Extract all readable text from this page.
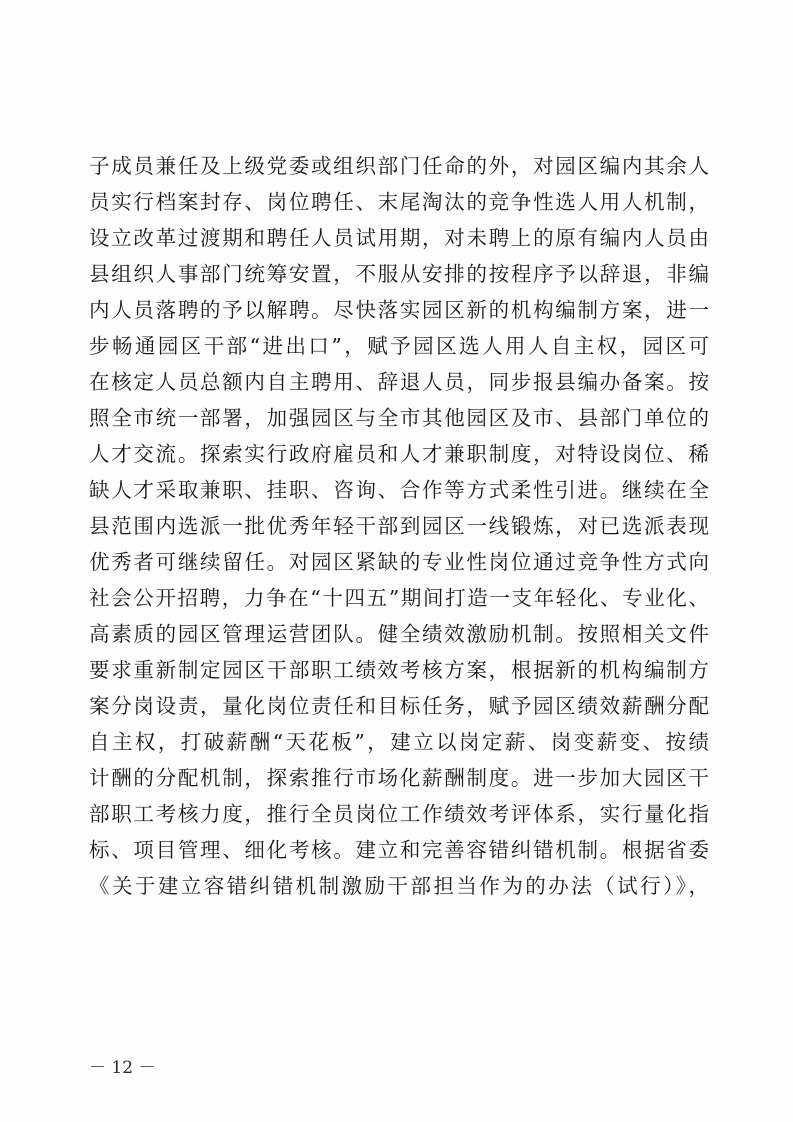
子成员兼任及上级党委或组织部门任命的外，对园区编内其余人
员实行档案封存、岗位聘任、末尾淘汰的竞争性选人用人机制，
设立改革过渡期和聘任人员试用期，对未聘上的原有编内人员由
县组织人事部门统筹安置，不服从安排的按程序予以辞退，非编
内人员落聘的予以解聘。尽快落实园区新的机构编制方案，进一
步畅通园区干部“进出口”，赋予园区选人用人自主权，园区可
在核定人员总额内自主聘用、辞退人员，同步报县编办备案。按
照全市统一部署，加强园区与全市其他园区及市、县部门单位的
人才交流。探索实行政府雇员和人才兼职制度，对特设岗位、稀
缺人才采取兼职、挂职、咨询、合作等方式柔性引进。继续在全
县范围内选派一批优秀年轻干部到园区一线锻炼，对已选派表现
优秀者可继续留任。对园区紧缺的专业性岗位通过竞争性方式向
社会公开招聘，力争在“十四五”期间打造一支年轻化、专业化、
高素质的园区管理运营团队。健全绩效激励机制。按照相关文件
要求重新制定园区干部职工绩效考核方案，根据新的机构编制方
案分岗设责，量化岗位责任和目标任务，赋予园区绩效薪酬分配
自主权，打破薪酬“天花板”，建立以岗定薪、岗变薪变、按绩
计酬的分配机制，探索推行市场化薪酬制度。进一步加大园区干
部职工考核力度，推行全员岗位工作绩效考评体系，实行量化指
标、项目管理、细化考核。建立和完善容错纠错机制。根据省委
《关于建立容错纠错机制激励干部担当作为的办法（试行）》，
－ 12 －
